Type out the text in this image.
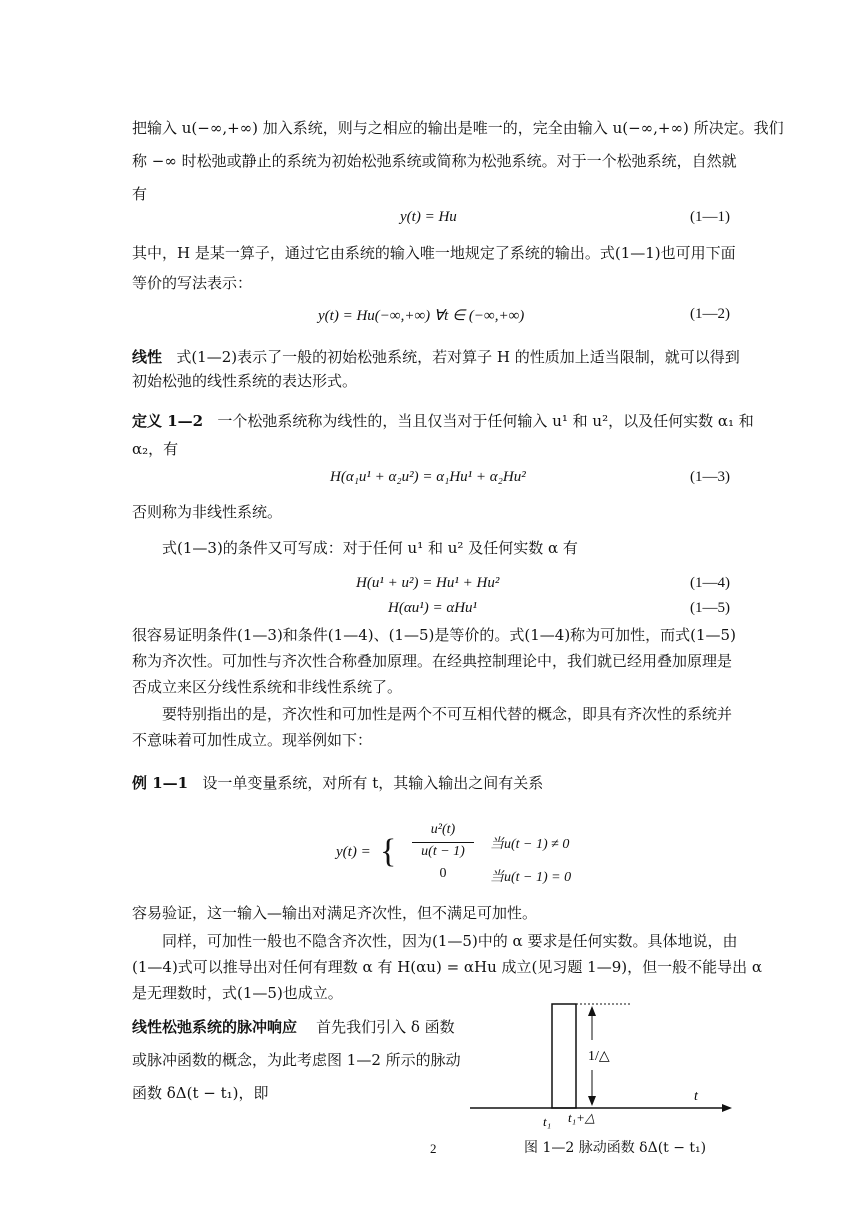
把输入 u(−∞,+∞) 加入系统，则与之相应的输出是唯一的，完全由输入 u(−∞,+∞) 所决定。我们
称 −∞ 时松弛或静止的系统为初始松弛系统或简称为松弛系统。对于一个松弛系统，自然就
有
y(t) = Hu	(1—1)
其中，H 是某一算子，通过它由系统的输入唯一地规定了系统的输出。式(1—1)也可用下面
等价的写法表示：
y(t) = Hu(−∞,+∞) ∀t ∈ (−∞,+∞)	(1—2)
线性 式(1—2)表示了一般的初始松弛系统，若对算子 H 的性质加上适当限制，就可以得到
初始松弛的线性系统的表达形式。
定义 1—2 一个松弛系统称为线性的，当且仅当对于任何输入 u¹ 和 u²，以及任何实数 α₁ 和
α₂，有
H(α₁u¹ + α₂u²) = α₁Hu¹ + α₂Hu²	(1—3)
否则称为非线性系统。
式(1—3)的条件又可写成：对于任何 u¹ 和 u² 及任何实数 α 有
H(u¹ + u²) = Hu¹ + Hu²	(1—4)
H(αu¹) = αHu¹	(1—5)
很容易证明条件(1—3)和条件(1—4)、(1—5)是等价的。式(1—4)称为可加性，而式(1—5)
称为齐次性。可加性与齐次性合称叠加原理。在经典控制理论中，我们就已经用叠加原理是
否成立来区分线性系统和非线性系统了。
要特别指出的是，齐次性和可加性是两个不可互相代替的概念，即具有齐次性的系统并
不意味着可加性成立。现举例如下：
例 1—1 设一单变量系统，对所有 t，其输入输出之间有关系
y(t) = {
u²(t)
u(t − 1)	当u(t − 1) ≠ 0
0	当u(t − 1) = 0
容易验证，这一输入—输出对满足齐次性，但不满足可加性。
同样，可加性一般也不隐含齐次性，因为(1—5)中的 α 要求是任何实数。具体地说，由
(1—4)式可以推导出对任何有理数 α 有 H(αu) = αHu 成立(见习题 1—9)，但一般不能导出 α
是无理数时，式(1—5)也成立。
线性松弛系统的脉冲响应 首先我们引入 δ 函数
或脉冲函数的概念，为此考虑图 1—2 所示的脉动
函数 δΔ(t − t₁)，即
1/△
t
t₁ t₁+△
图 1—2 脉动函数 δΔ(t − t₁)
2
